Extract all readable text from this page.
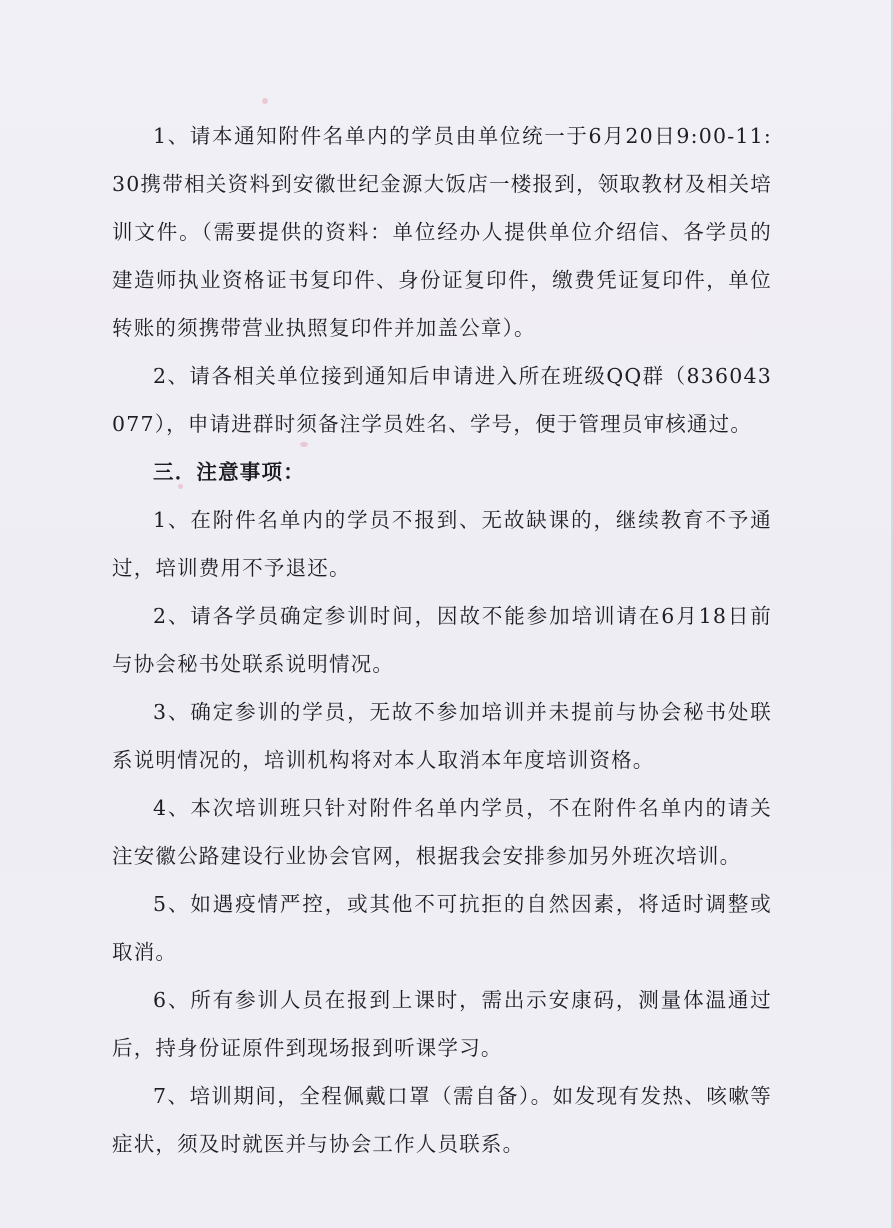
1、请本通知附件名单内的学员由单位统一于6月20日9:00-11:30携带相关资料到安徽世纪金源大饭店一楼报到，领取教材及相关培训文件。（需要提供的资料：单位经办人提供单位介绍信、各学员的建造师执业资格证书复印件、身份证复印件，缴费凭证复印件，单位转账的须携带营业执照复印件并加盖公章）。

2、请各相关单位接到通知后申请进入所在班级QQ群（836043077），申请进群时须备注学员姓名、学号，便于管理员审核通过。

三．注意事项：

1、在附件名单内的学员不报到、无故缺课的，继续教育不予通过，培训费用不予退还。

2、请各学员确定参训时间，因故不能参加培训请在6月18日前与协会秘书处联系说明情况。

3、确定参训的学员，无故不参加培训并未提前与协会秘书处联系说明情况的，培训机构将对本人取消本年度培训资格。

4、本次培训班只针对附件名单内学员，不在附件名单内的请关注安徽公路建设行业协会官网，根据我会安排参加另外班次培训。

5、如遇疫情严控，或其他不可抗拒的自然因素，将适时调整或取消。

6、所有参训人员在报到上课时，需出示安康码，测量体温通过后，持身份证原件到现场报到听课学习。

7、培训期间，全程佩戴口罩（需自备）。如发现有发热、咳嗽等症状，须及时就医并与协会工作人员联系。
